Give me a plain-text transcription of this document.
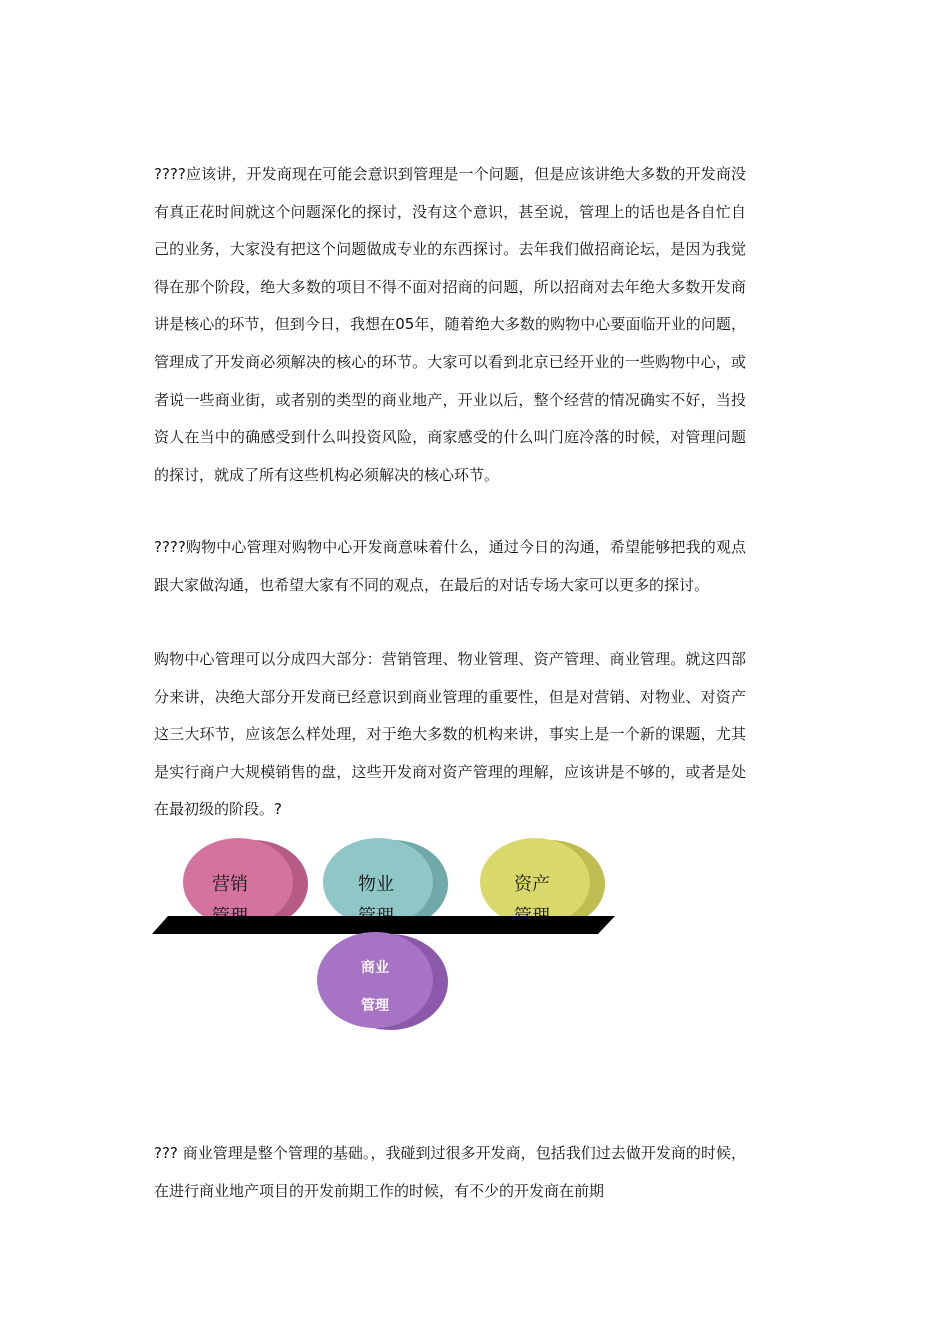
????应该讲，开发商现在可能会意识到管理是一个问题，但是应该讲绝大多数的开发商没有真正花时间就这个问题深化的探讨，没有这个意识，甚至说，管理上的话也是各自忙自己的业务，大家没有把这个问题做成专业的东西探讨。去年我们做招商论坛，是因为我觉得在那个阶段，绝大多数的项目不得不面对招商的问题，所以招商对去年绝大多数开发商讲是核心的环节，但到今日，我想在05年，随着绝大多数的购物中心要面临开业的问题，管理成了开发商必须解决的核心的环节。大家可以看到北京已经开业的一些购物中心，或者说一些商业街，或者别的类型的商业地产，开业以后，整个经营的情况确实不好，当投资人在当中的确感受到什么叫投资风险，商家感受的什么叫门庭冷落的时候，对管理问题的探讨，就成了所有这些机构必须解决的核心环节。

????购物中心管理对购物中心开发商意味着什么，通过今日的沟通，希望能够把我的观点跟大家做沟通，也希望大家有不同的观点，在最后的对话专场大家可以更多的探讨。

购物中心管理可以分成四大部分：营销管理、物业管理、资产管理、商业管理。就这四部分来讲，决绝大部分开发商已经意识到商业管理的重要性，但是对营销、对物业、对资产这三大环节，应该怎么样处理，对于绝大多数的机构来讲，事实上是一个新的课题，尤其是实行商户大规模销售的盘，这些开发商对资产管理的理解，应该讲是不够的，或者是处在最初级的阶段。?

营销	物业	资产
商业
管理

??? 商业管理是整个管理的基础。，我碰到过很多开发商，包括我们过去做开发商的时候，在进行商业地产项目的开发前期工作的时候，有不少的开发商在前期
